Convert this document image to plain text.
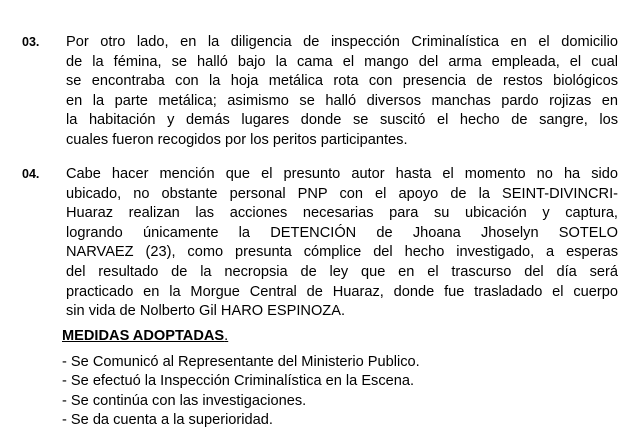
03. Por otro lado, en la diligencia de inspección Criminalística en el domicilio
de la fémina, se halló bajo la cama el mango del arma empleada, el cual
se encontraba con la hoja metálica rota con presencia de restos biológicos
en la parte metálica; asimismo se halló diversos manchas pardo rojizas en
la habitación y demás lugares donde se suscitó el hecho de sangre, los
cuales fueron recogidos por los peritos participantes.
04. Cabe hacer mención que el presunto autor hasta el momento no ha sido
ubicado, no obstante personal PNP con el apoyo de la SEINT-DIVINCRI-
Huaraz realizan las acciones necesarias para su ubicación y captura,
logrando únicamente la DETENCIÓN de Jhoana Jhoselyn SOTELO
NARVAEZ (23), como presunta cómplice del hecho investigado, a esperas
del resultado de la necropsia de ley que en el trascurso del día será
practicado en la Morgue Central de Huaraz, donde fue trasladado el cuerpo
sin vida de Nolberto Gil HARO ESPINOZA.
MEDIDAS ADOPTADAS.
- Se Comunicó al Representante del Ministerio Publico.
- Se efectuó la Inspección Criminalística en la Escena.
- Se continúa con las investigaciones.
- Se da cuenta a la superioridad.
